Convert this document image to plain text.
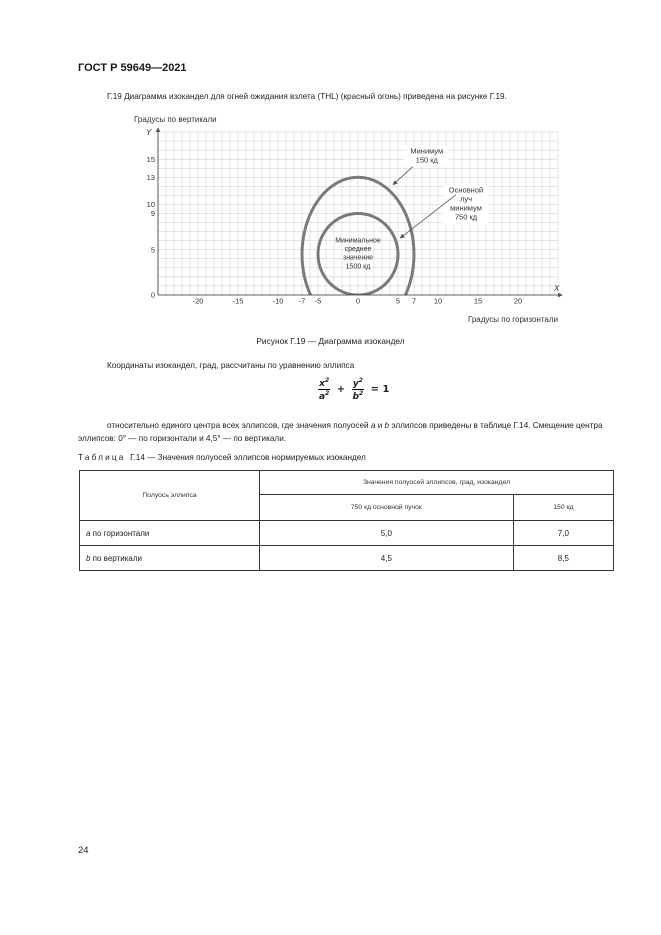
ГОСТ Р 59649—2021
Г.19 Диаграмма изокандел для огней ожидания взлета (THL) (красный огонь) приведена на рисунке Г.19.
-20	-15	-10 -7 -5	0	5 7 10	15	20
0
5
9
10
13
15
Градусы по вертикали
Y
X
Градусы по горизонтали
Минимум
150 кд
Основной
луч
минимум
750 кд
Минимальное
среднее
значение
1500 кд
Рисунок Г.19 — Диаграмма изокандел
Координаты изокандел, град, рассчитаны по уравнению эллипса
$\frac{x^2}{a^2} + \frac{y^2}{b^2} = 1$
относительно единого центра всех эллипсов, где значения полуосей a и b эллипсов приведены в таблице Г.14. Смещение центра эллипсов: 0° — по горизонтали и 4,5° — по вертикали.
Таблица Г.14 — Значения полуосей эллипсов нормируемых изокандел
Полуось эллипса	Значения полуосей эллипсов, град, изокандел	
	750 кд основной пучок	150 кд
a по горизонтали	5,0	7,0
b по вертикали	4,5	8,5
24
